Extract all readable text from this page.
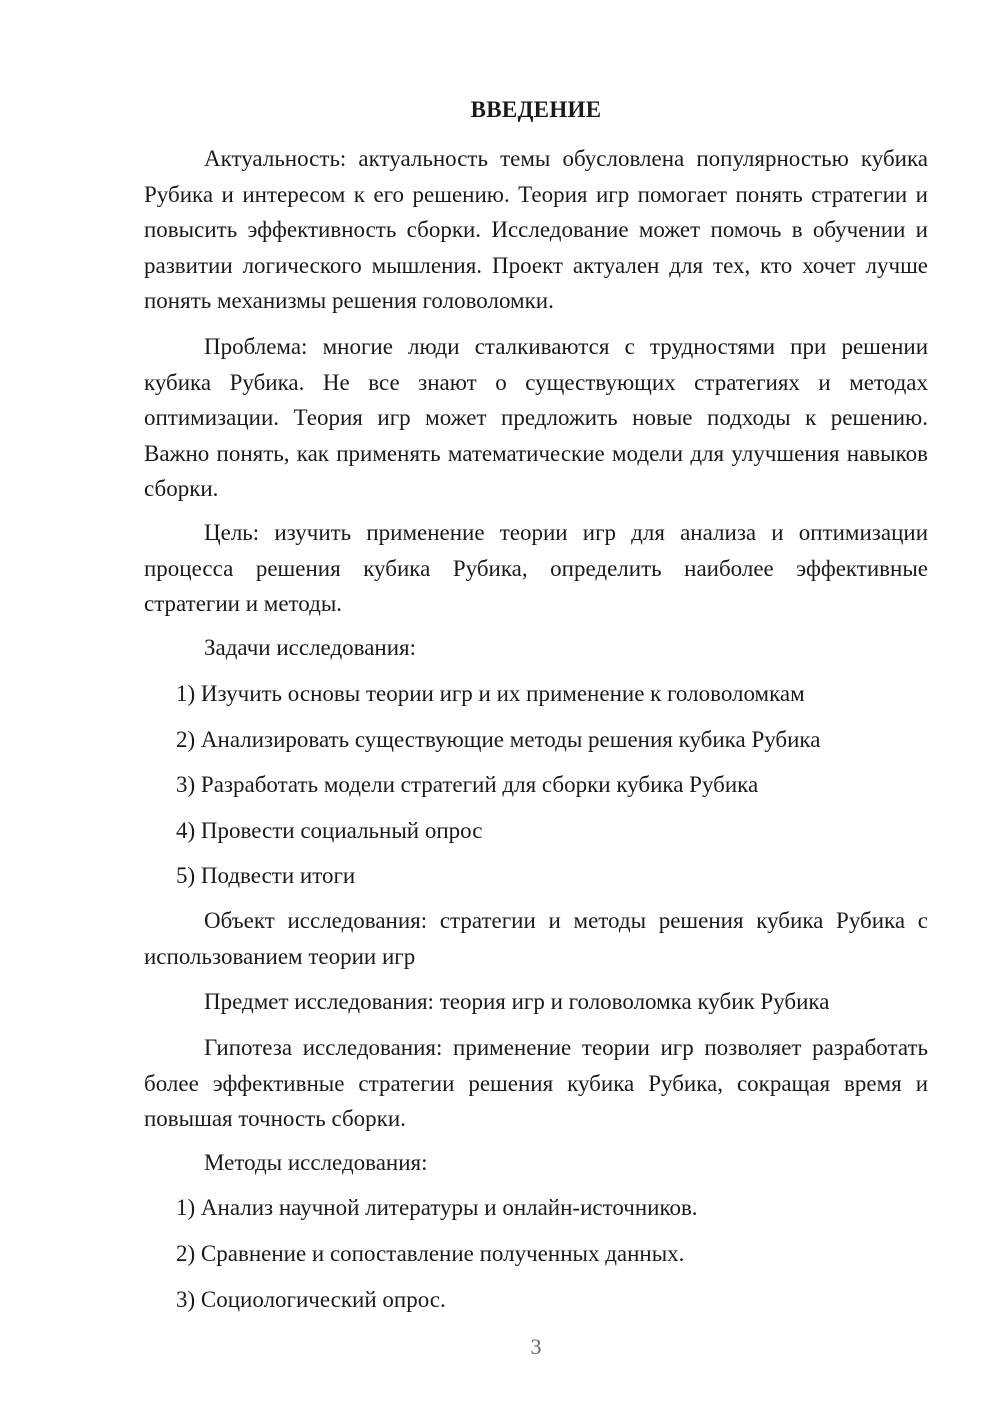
ВВЕДЕНИЕ

Актуальность: актуальность темы обусловлена популярностью кубика Рубика и интересом к его решению. Теория игр помогает понять стратегии и повысить эффективность сборки. Исследование может помочь в обучении и развитии логического мышления. Проект актуален для тех, кто хочет лучше понять механизмы решения головоломки.

Проблема: многие люди сталкиваются с трудностями при решении кубика Рубика. Не все знают о существующих стратегиях и методах оптимизации. Теория игр может предложить новые подходы к решению. Важно понять, как применять математические модели для улучшения навыков сборки.

Цель: изучить применение теории игр для анализа и оптимизации процесса решения кубика Рубика, определить наиболее эффективные стратегии и методы.

Задачи исследования:
1) Изучить основы теории игр и их применение к головоломкам
2) Анализировать существующие методы решения кубика Рубика
3) Разработать модели стратегий для сборки кубика Рубика
4) Провести социальный опрос
5) Подвести итоги

Объект исследования: стратегии и методы решения кубика Рубика с использованием теории игр

Предмет исследования: теория игр и головоломка кубик Рубика

Гипотеза исследования: применение теории игр позволяет разработать более эффективные стратегии решения кубика Рубика, сокращая время и повышая точность сборки.

Методы исследования:
1) Анализ научной литературы и онлайн-источников.
2) Сравнение и сопоставление полученных данных.
3) Социологический опрос.
3
